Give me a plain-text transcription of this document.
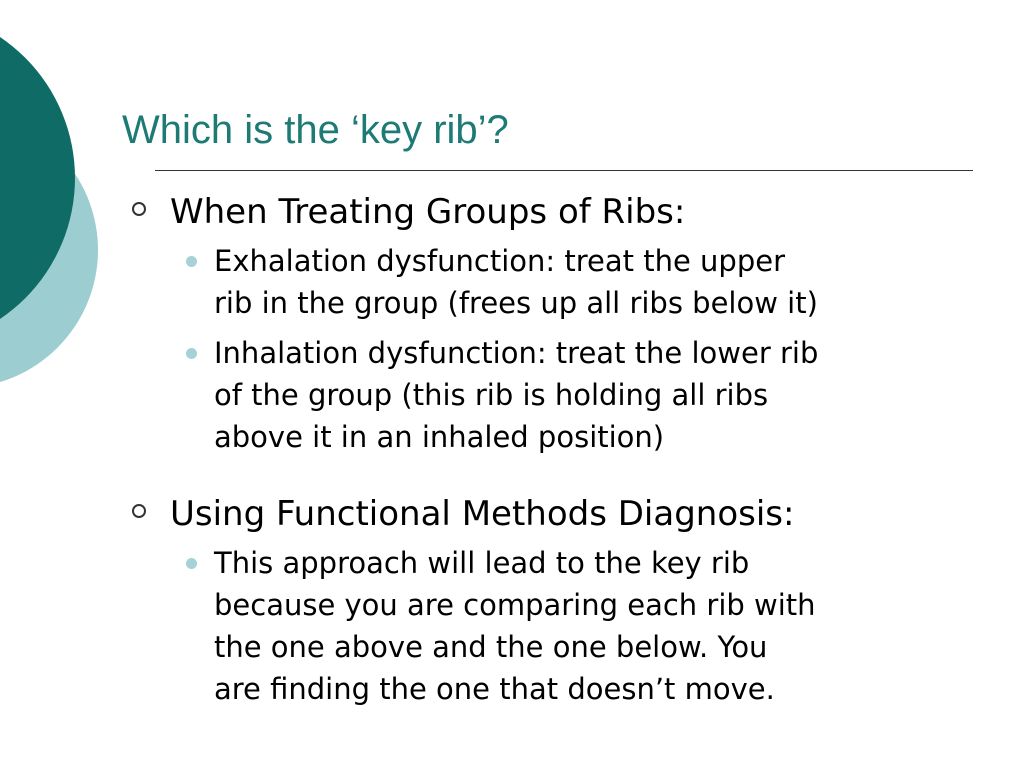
Which is the ‘key rib’?
When Treating Groups of Ribs:
Exhalation dysfunction: treat the upper
rib in the group (frees up all ribs below it)
Inhalation dysfunction: treat the lower rib
of the group (this rib is holding all ribs
above it in an inhaled position)
Using Functional Methods Diagnosis:
This approach will lead to the key rib
because you are comparing each rib with
the one above and the one below. You
are finding the one that doesn’t move.
